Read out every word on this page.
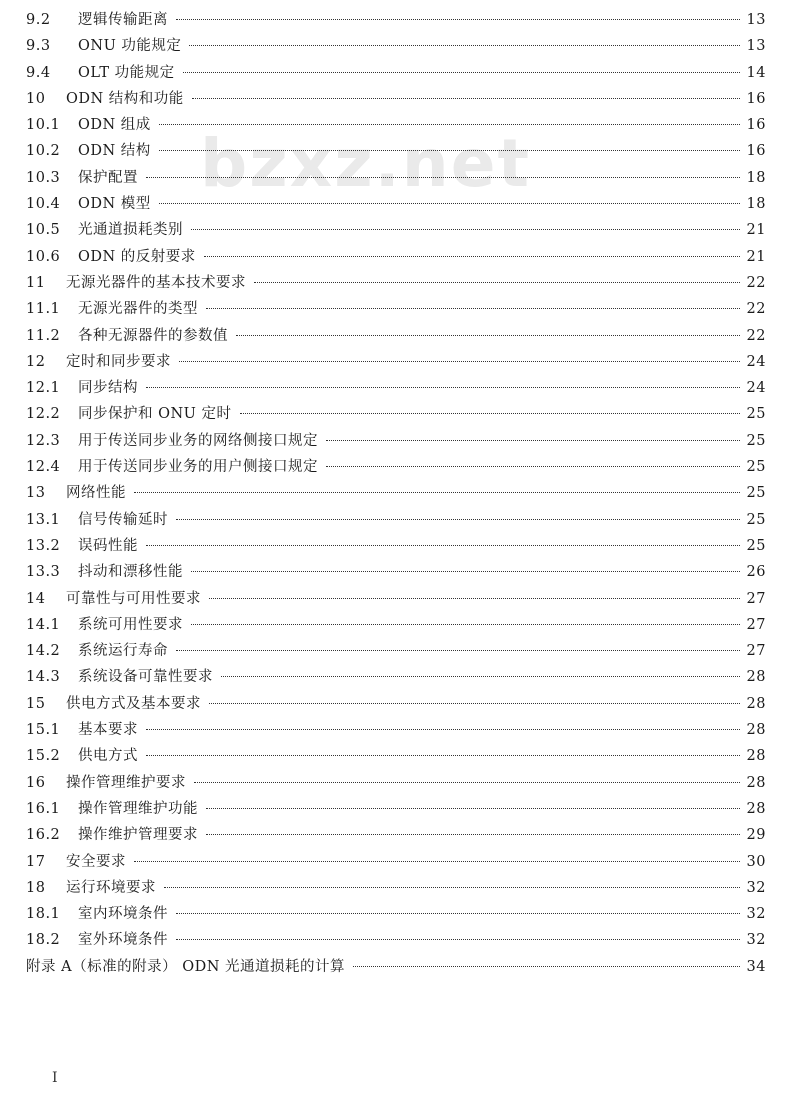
bzxz.net
9.2	逻辑传输距离	13
9.3	ONU 功能规定	13
9.4	OLT 功能规定	14
10	ODN 结构和功能	16
10.1	ODN 组成	16
10.2	ODN 结构	16
10.3	保护配置	18
10.4	ODN 模型	18
10.5	光通道损耗类别	21
10.6	ODN 的反射要求	21
11	无源光器件的基本技术要求	22
11.1	无源光器件的类型	22
11.2	各种无源器件的参数值	22
12	定时和同步要求	24
12.1	同步结构	24
12.2	同步保护和 ONU 定时	25
12.3	用于传送同步业务的网络侧接口规定	25
12.4	用于传送同步业务的用户侧接口规定	25
13	网络性能	25
13.1	信号传输延时	25
13.2	误码性能	25
13.3	抖动和漂移性能	26
14	可靠性与可用性要求	27
14.1	系统可用性要求	27
14.2	系统运行寿命	27
14.3	系统设备可靠性要求	28
15	供电方式及基本要求	28
15.1	基本要求	28
15.2	供电方式	28
16	操作管理维护要求	28
16.1	操作管理维护功能	28
16.2	操作维护管理要求	29
17	安全要求	30
18	运行环境要求	32
18.1	室内环境条件	32
18.2	室外环境条件	32
附录 A （标准的附录） ODN 光通道损耗的计算	34
I
